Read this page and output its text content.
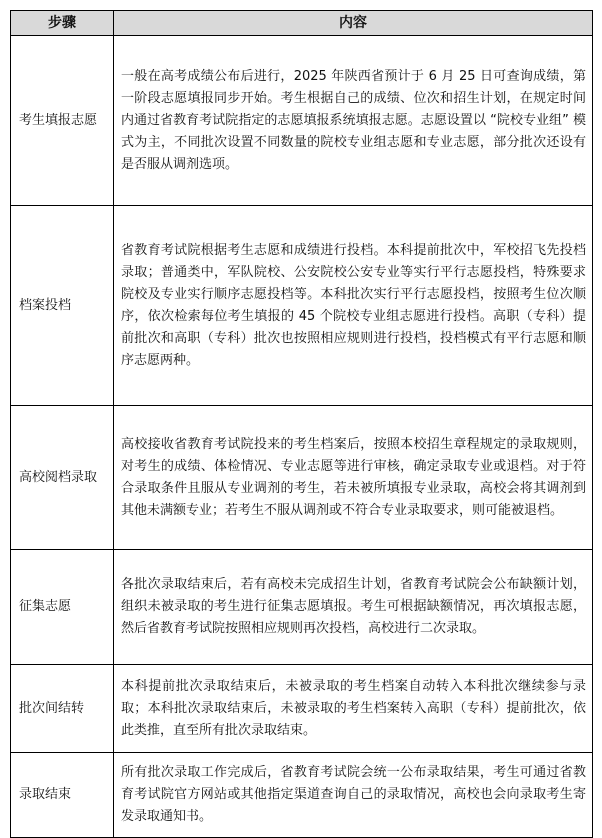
步骤	内容
考生填报志愿	一般在高考成绩公布后进行，2025 年陕西省预计于 6 月 25 日可查询成绩，第一阶段志愿填报同步开始。考生根据自己的成绩、位次和招生计划，在规定时间内通过省教育考试院指定的志愿填报系统填报志愿。志愿设置以 “院校专业组” 模式为主，不同批次设置不同数量的院校专业组志愿和专业志愿，部分批次还设有是否服从调剂选项。
档案投档	省教育考试院根据考生志愿和成绩进行投档。本科提前批次中，军校招飞先投档录取；普通类中，军队院校、公安院校公安专业等实行平行志愿投档，特殊要求院校及专业实行顺序志愿投档等。本科批次实行平行志愿投档，按照考生位次顺序，依次检索每位考生填报的 45 个院校专业组志愿进行投档。高职（专科）提前批次和高职（专科）批次也按照相应规则进行投档，投档模式有平行志愿和顺序志愿两种。
高校阅档录取	高校接收省教育考试院投来的考生档案后，按照本校招生章程规定的录取规则，对考生的成绩、体检情况、专业志愿等进行审核，确定录取专业或退档。对于符合录取条件且服从专业调剂的考生，若未被所填报专业录取，高校会将其调剂到其他未满额专业；若考生不服从调剂或不符合专业录取要求，则可能被退档。
征集志愿	各批次录取结束后，若有高校未完成招生计划，省教育考试院会公布缺额计划，组织未被录取的考生进行征集志愿填报。考生可根据缺额情况，再次填报志愿，然后省教育考试院按照相应规则再次投档，高校进行二次录取。
批次间结转	本科提前批次录取结束后，未被录取的考生档案自动转入本科批次继续参与录取；本科批次录取结束后，未被录取的考生档案转入高职（专科）提前批次，依此类推，直至所有批次录取结束。
录取结束	所有批次录取工作完成后，省教育考试院会统一公布录取结果，考生可通过省教育考试院官方网站或其他指定渠道查询自己的录取情况，高校也会向录取考生寄发录取通知书。
